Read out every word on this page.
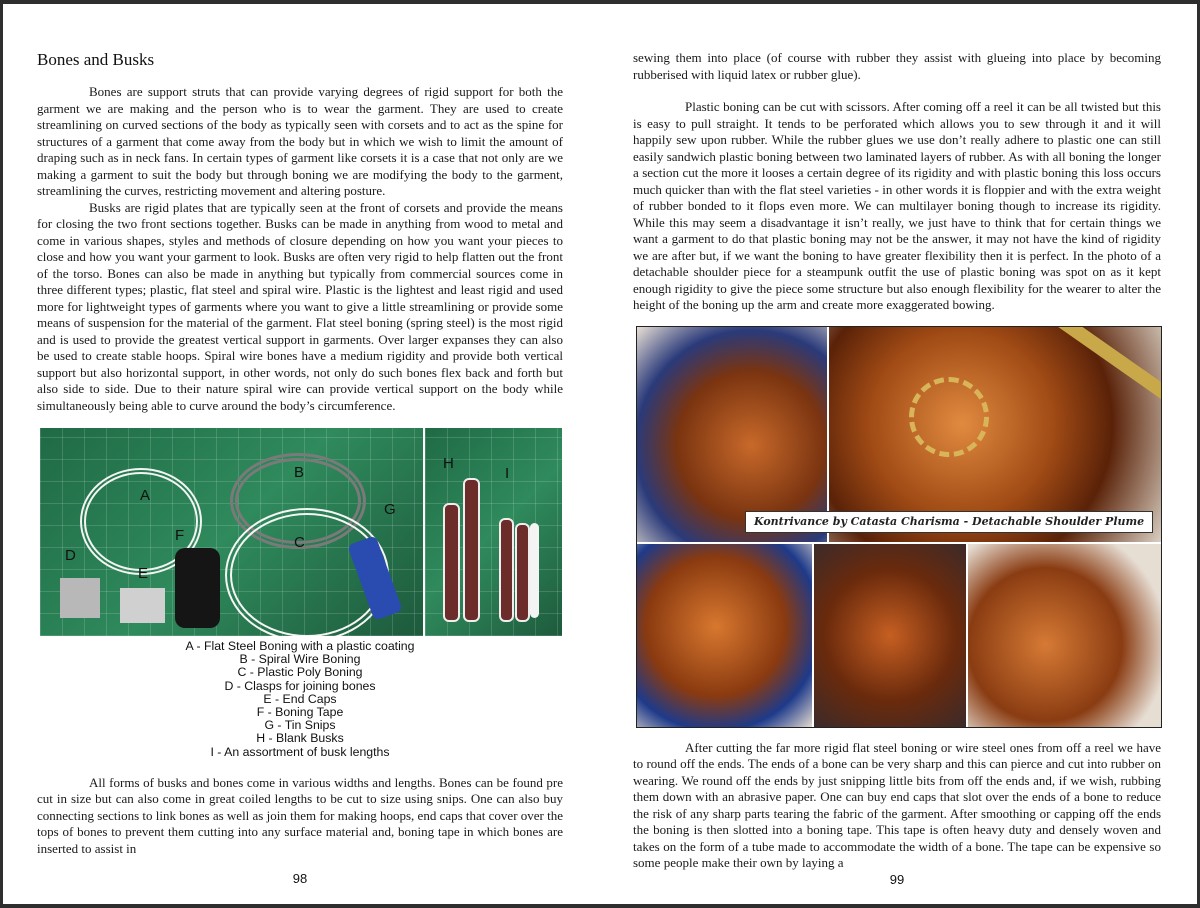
Bones and Busks

Bones are support struts that can provide varying degrees of rigid support for both the garment we are making and the person who is to wear the garment. They are used to create streamlining on curved sections of the body as typically seen with corsets and to act as the spine for structures of a garment that come away from the body but in which we wish to limit the amount of draping such as in neck fans. In certain types of garment like corsets it is a case that not only are we making a garment to suit the body but through boning we are modifying the body to the garment, streamlining the curves, restricting movement and altering posture.

Busks are rigid plates that are typically seen at the front of corsets and provide the means for closing the two front sections together. Busks can be made in anything from wood to metal and come in various shapes, styles and methods of closure depending on how you want your pieces to close and how you want your garment to look. Busks are often very rigid to help flatten out the front of the torso. Bones can also be made in anything but typically from commercial sources come in three different types; plastic, flat steel and spiral wire. Plastic is the lightest and least rigid and used more for lightweight types of garments where you want to give a little streamlining or provide some means of suspension for the material of the garment. Flat steel boning (spring steel) is the most rigid and is used to provide the greatest vertical support in garments. Over larger expanses they can also be used to create stable hoops. Spiral wire bones have a medium rigidity and provide both vertical support but also horizontal support, in other words, not only do such bones flex back and forth but also side to side. Due to their nature spiral wire can provide vertical support on the body while simultaneously being able to curve around the body’s circumference.

A
B
C
D
E
F
G
H
I
A - Flat Steel Boning with a plastic coating
B - Spiral Wire Boning
C - Plastic Poly Boning
D - Clasps for joining bones
E - End Caps
F - Boning Tape
G - Tin Snips
H - Blank Busks
I - An assortment of busk lengths

All forms of busks and bones come in various widths and lengths. Bones can be found pre cut in size but can also come in great coiled lengths to be cut to size using snips. One can also buy connecting sections to link bones as well as join them for making hoops, end caps that cover over the tops of bones to prevent them cutting into any surface material and, boning tape in which bones are inserted to assist in

98

sewing them into place (of course with rubber they assist with glueing into place by becoming rubberised with liquid latex or rubber glue).

Plastic boning can be cut with scissors. After coming off a reel it can be all twisted but this is easy to pull straight. It tends to be perforated which allows you to sew through it and it will happily sew upon rubber. While the rubber glues we use don’t really adhere to plastic one can still easily sandwich plastic boning between two laminated layers of rubber. As with all boning the longer a section cut the more it looses a certain degree of its rigidity and with plastic boning this loss occurs much quicker than with the flat steel varieties - in other words it is floppier and with the extra weight of rubber bonded to it flops even more. We can multilayer boning though to increase its rigidity. While this may seem a disadvantage it isn’t really, we just have to think that for certain things we want a garment to do that plastic boning may not be the answer, it may not have the kind of rigidity we are after but, if we want the boning to have greater flexibility then it is perfect. In the photo of a detachable shoulder piece for a steampunk outfit the use of plastic boning was spot on as it kept enough rigidity to give the piece some structure but also enough flexibility for the wearer to alter the height of the boning up the arm and create more exaggerated bowing.

Kontrivance by Catasta Charisma - Detachable Shoulder Plume

After cutting the far more rigid flat steel boning or wire steel ones from off a reel we have to round off the ends. The ends of a bone can be very sharp and this can pierce and cut into rubber on wearing. We round off the ends by just snipping little bits from off the ends and, if we wish, rubbing them down with an abrasive paper. One can buy end caps that slot over the ends of a bone to reduce the risk of any sharp parts tearing the fabric of the garment. After smoothing or capping off the ends the boning is then slotted into a boning tape. This tape is often heavy duty and densely woven and takes on the form of a tube made to accommodate the width of a bone. The tape can be expensive so some people make their own by laying a

99
